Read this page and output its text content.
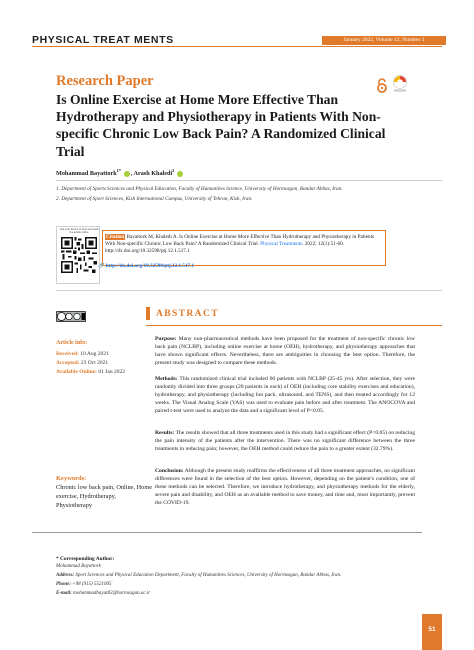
PHYSICAL TREAT MENTS	January 2022, Volume 12, Number 1
Research Paper
Is Online Exercise at Home More Effective Than Hydrotherapy and Physiotherapy in Patients With Non-specific Chronic Low Back Pain? A Randomized Clinical Trial
Mohammad Bayattork$^{1*}$ , Arash Khaledi$^2$
1. Department of Sports Sciences and Physical Education, Faculty of Humanities Science, University of Hormozgan, Bandar Abbas, Iran.
2. Department of Sport Sciences, Kish International Campus, University of Tehran, Kish, Iran.
Use your device to scan and read the article online
Citation Bayattork M, Khaledi A. Is Online Exercise at Home More Effective Than Hydrotherapy and Physiotherapy in Patients With Non-specific Chronic Low Back Pain? A Randomized Clinical Trial. Physical Treatments. 2022; 12(1):51-60. http://dx.doi.org/10.32598/ptj.12.1.517.1
🔗 http://dx.doi.org/10.32598/ptj.12.1.517.1
Article info:
Received: 10 Aug 2021
Accepted: 23 Oct 2021
Available Online: 01 Jan 2022
Keywords:
Chronic low back pain, Online, Home exercise, Hydrotherapy, Physiotherapy
ABSTRACT

Purpose: Many non-pharmaceutical methods have been proposed for the treatment of non-specific chronic low back pain (NCLBP), including online exercise at home (OEH), hydrotherapy, and physiotherapy approaches that have shown significant effects. Nevertheless, there are ambiguities in choosing the best option. Therefore, the present study was designed to compare these methods.

Methods: This randomized clinical trial included 60 patients with NCLBP (25-45 yrs). After selection, they were randomly divided into three groups (20 patients in each) of OEH (including core stability exercises and education), hydrotherapy, and physiotherapy (including hot pack, ultrasound, and TENS), and then treated accordingly for 12 weeks. The Visual Analog Scale (VAS) was used to evaluate pain before and after treatment. The ANOCOVA and paired t-test were used to analyze the data and a significant level of P<0.05.

Results: The results showed that all three treatments used in this study had a significant effect (P<0.05) on reducing the pain intensity of the patients after the intervention. There was no significant difference between the three treatments in reducing pain; however, the OEH method could reduce the pain to a greater extent (32.79%).

Conclusion: Although the present study reaffirms the effectiveness of all three treatment approaches, no significant differences were found in the selection of the best option. However, depending on the patient's condition, one of these methods can be selected. Therefore, we introduce hydrotherapy, and physiotherapy methods for the elderly, severe pain and disability, and OEH as an available method to save money, and time and, most importantly, prevent the COVID-19.

* Corresponding Author:
Mohammad Bayattork
Address: Sport Sciences and Physical Education Department, Faculty of Humanities Sciences, University of Hormozgan, Bandar Abbas, Iran.
Phone: +98 (915) 5521005
E-mail: mohammadbayat82@hormozgan.ac.ir
51
